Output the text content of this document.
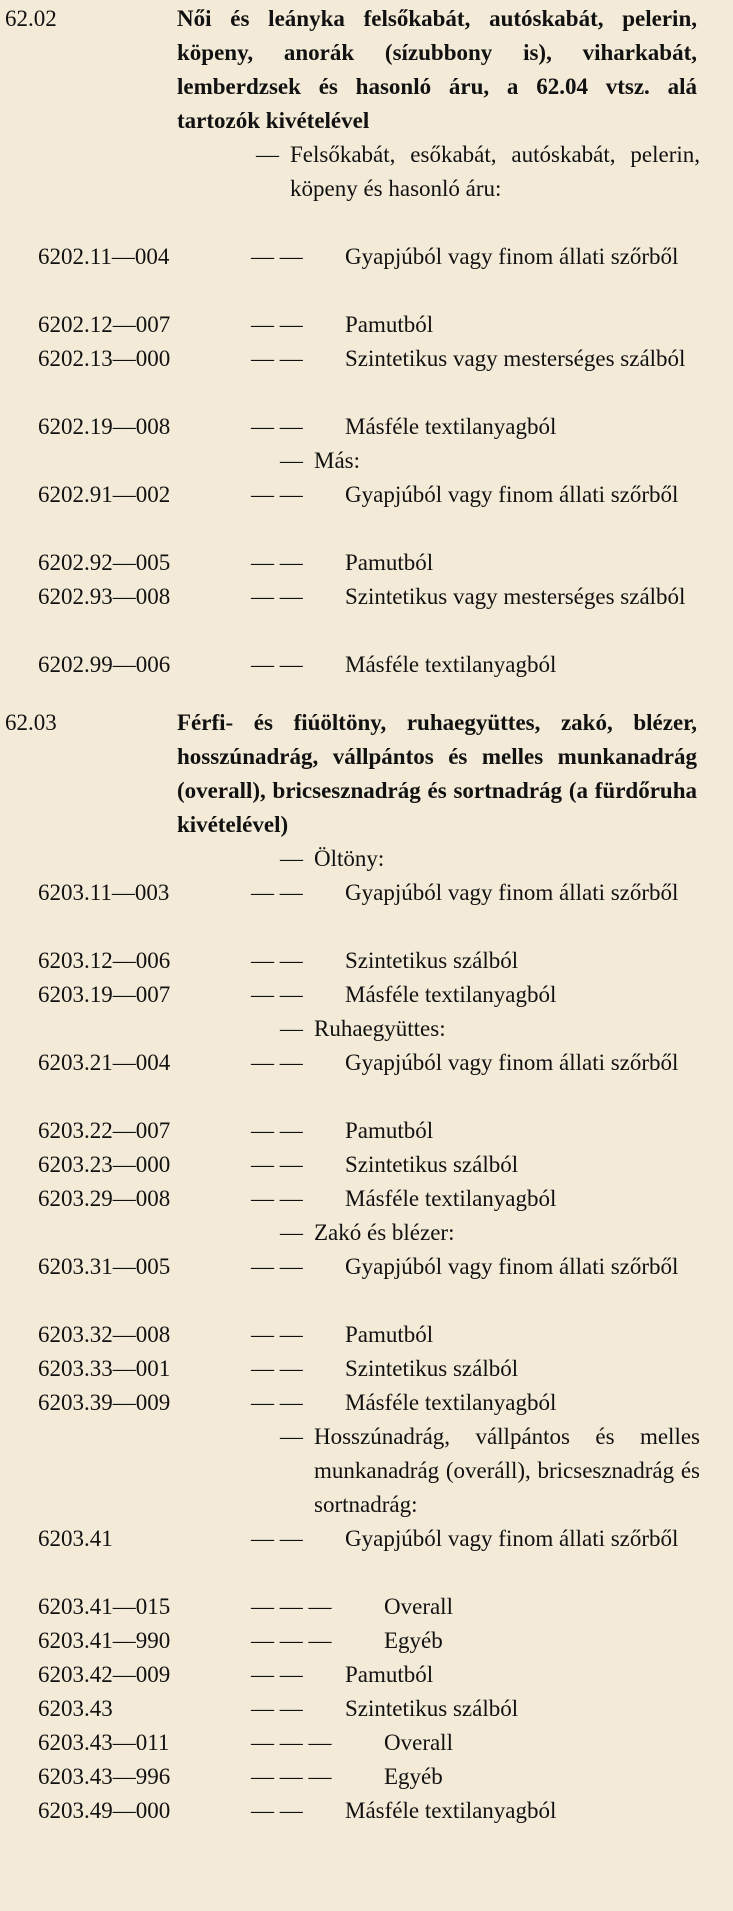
62.02	Női és leányka felsőkabát, autóskabát, pelerin, köpeny, anorák (sízubbony is), viharkabát, lemberdzsek és hasonló áru, a 62.04 vtsz. alá tartozók kivételével
— Felsőkabát, esőkabát, autóskabát, pelerin, köpeny és hasonló áru:
6202.11—004	— — Gyapjúból vagy finom állati szőrből
6202.12—007	— — Pamutból
6202.13—000	— — Szintetikus vagy mesterséges szálból
6202.19—008	— — Másféle textilanyagból
— Más:
6202.91—002	— — Gyapjúból vagy finom állati szőrből
6202.92—005	— — Pamutból
6202.93—008	— — Szintetikus vagy mesterséges szálból
6202.99—006	— — Másféle textilanyagból
62.03	Férfi- és fiúöltöny, ruhaegyüttes, zakó, blézer, hosszúnadrág, vállpántos és melles munkanadrág (overall), bricsesznadrág és sortnadrág (a fürdőruha kivételével)
— Öltöny:
6203.11—003	— — Gyapjúból vagy finom állati szőrből
6203.12—006	— — Szintetikus szálból
6203.19—007	— — Másféle textilanyagból
— Ruhaegyüttes:
6203.21—004	— — Gyapjúból vagy finom állati szőrből
6203.22—007	— — Pamutból
6203.23—000	— — Szintetikus szálból
6203.29—008	— — Másféle textilanyagból
— Zakó és blézer:
6203.31—005	— — Gyapjúból vagy finom állati szőrből
6203.32—008	— — Pamutból
6203.33—001	— — Szintetikus szálból
6203.39—009	— — Másféle textilanyagból
— Hosszúnadrág, vállpántos és melles munkanadrág (overáll), bricsesznadrág és sortnadrág:
6203.41	— — Gyapjúból vagy finom állati szőrből
6203.41—015	— — — Overall
6203.41—990	— — — Egyéb
6203.42—009	— — Pamutból
6203.43	— — Szintetikus szálból
6203.43—011	— — — Overall
6203.43—996	— — — Egyéb
6203.49—000	— — Másféle textilanyagból
